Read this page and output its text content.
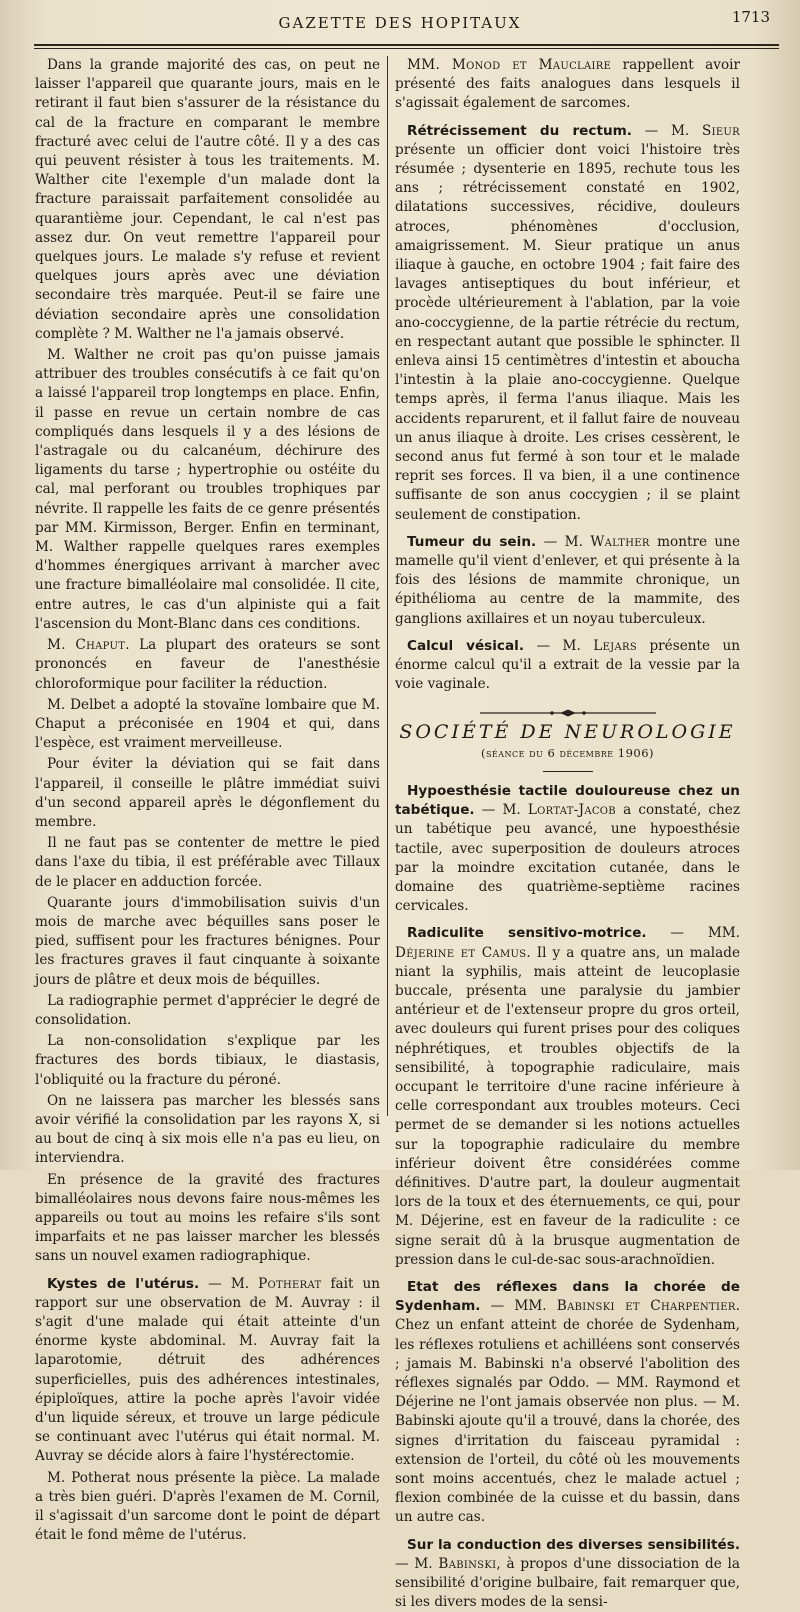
GAZETTE DES HOPITAUX	1713

Dans la grande majorité des cas, on peut ne laisser l'appareil que quarante jours, mais en le retirant il faut bien s'assurer de la résistance du cal de la fracture en comparant le membre fracturé avec celui de l'autre côté. Il y a des cas qui peuvent résister à tous les traitements. M. Walther cite l'exemple d'un malade dont la fracture paraissait parfaitement consolidée au quarantième jour. Cependant, le cal n'est pas assez dur. On veut remettre l'appareil pour quelques jours. Le malade s'y refuse et revient quelques jours après avec une déviation secondaire très marquée. Peut-il se faire une déviation secondaire après une consolidation complète ? M. Walther ne l'a jamais observé.

M. Walther ne croit pas qu'on puisse jamais attribuer des troubles consécutifs à ce fait qu'on a laissé l'appareil trop longtemps en place. Enfin, il passe en revue un certain nombre de cas compliqués dans lesquels il y a des lésions de l'astragale ou du calcanéum, déchirure des ligaments du tarse ; hypertrophie ou ostéite du cal, mal perforant ou troubles trophiques par névrite. Il rappelle les faits de ce genre présentés par MM. Kirmisson, Berger. Enfin en terminant, M. Walther rappelle quelques rares exemples d'hommes énergiques arrivant à marcher avec une fracture bimalléolaire mal consolidée. Il cite, entre autres, le cas d'un alpiniste qui a fait l'ascension du Mont-Blanc dans ces conditions.

M. Chaput. La plupart des orateurs se sont prononcés en faveur de l'anesthésie chloroformique pour faciliter la réduction.

M. Delbet a adopté la stovaïne lombaire que M. Chaput a préconisée en 1904 et qui, dans l'espèce, est vraiment merveilleuse.

Pour éviter la déviation qui se fait dans l'appareil, il conseille le plâtre immédiat suivi d'un second appareil après le dégonflement du membre.

Il ne faut pas se contenter de mettre le pied dans l'axe du tibia, il est préférable avec Tillaux de le placer en adduction forcée.

Quarante jours d'immobilisation suivis d'un mois de marche avec béquilles sans poser le pied, suffisent pour les fractures bénignes. Pour les fractures graves il faut cinquante à soixante jours de plâtre et deux mois de béquilles.

La radiographie permet d'apprécier le degré de consolidation.

La non-consolidation s'explique par les fractures des bords tibiaux, le diastasis, l'obliquité ou la fracture du péroné.

On ne laissera pas marcher les blessés sans avoir vérifié la consolidation par les rayons X, si au bout de cinq à six mois elle n'a pas eu lieu, on interviendra.

En présence de la gravité des fractures bimalléolaires nous devons faire nous-mêmes les appareils ou tout au moins les refaire s'ils sont imparfaits et ne pas laisser marcher les blessés sans un nouvel examen radiographique.

Kystes de l'utérus. — M. Potherat fait un rapport sur une observation de M. Auvray : il s'agit d'une malade qui était atteinte d'un énorme kyste abdominal. M. Auvray fait la laparotomie, détruit des adhérences superficielles, puis des adhérences intestinales, épiploïques, attire la poche après l'avoir vidée d'un liquide séreux, et trouve un large pédicule se continuant avec l'utérus qui était normal. M. Auvray se décide alors à faire l'hystérectomie.

M. Potherat nous présente la pièce. La malade a très bien guéri. D'après l'examen de M. Cornil, il s'agissait d'un sarcome dont le point de départ était le fond même de l'utérus.

MM. Monod et Mauclaire rappellent avoir présenté des faits analogues dans lesquels il s'agissait également de sarcomes.

Rétrécissement du rectum. — M. Sieur présente un officier dont voici l'histoire très résumée ; dysenterie en 1895, rechute tous les ans ; rétrécissement constaté en 1902, dilatations successives, récidive, douleurs atroces, phénomènes d'occlusion, amaigrissement. M. Sieur pratique un anus iliaque à gauche, en octobre 1904 ; fait faire des lavages antiseptiques du bout inférieur, et procède ultérieurement à l'ablation, par la voie ano-coccygienne, de la partie rétrécie du rectum, en respectant autant que possible le sphincter. Il enleva ainsi 15 centimètres d'intestin et aboucha l'intestin à la plaie ano-coccygienne. Quelque temps après, il ferma l'anus iliaque. Mais les accidents reparurent, et il fallut faire de nouveau un anus iliaque à droite. Les crises cessèrent, le second anus fut fermé à son tour et le malade reprit ses forces. Il va bien, il a une continence suffisante de son anus coccygien ; il se plaint seulement de constipation.

Tumeur du sein. — M. Walther montre une mamelle qu'il vient d'enlever, et qui présente à la fois des lésions de mammite chronique, un épithélioma au centre de la mammite, des ganglions axillaires et un noyau tuberculeux.

Calcul vésical. — M. Lejars présente un énorme calcul qu'il a extrait de la vessie par la voie vaginale.

SOCIÉTÉ DE NEUROLOGIE
(séance du 6 décembre 1906)

Hypoesthésie tactile douloureuse chez un tabétique. — M. Lortat-Jacob a constaté, chez un tabétique peu avancé, une hypoesthésie tactile, avec superposition de douleurs atroces par la moindre excitation cutanée, dans le domaine des quatrième-septième racines cervicales.

Radiculite sensitivo-motrice. — MM. Déjerine et Camus. Il y a quatre ans, un malade niant la syphilis, mais atteint de leucoplasie buccale, présenta une paralysie du jambier antérieur et de l'extenseur propre du gros orteil, avec douleurs qui furent prises pour des coliques néphrétiques, et troubles objectifs de la sensibilité, à topographie radiculaire, mais occupant le territoire d'une racine inférieure à celle correspondant aux troubles moteurs. Ceci permet de se demander si les notions actuelles sur la topographie radiculaire du membre inférieur doivent être considérées comme définitives. D'autre part, la douleur augmentait lors de la toux et des éternuements, ce qui, pour M. Déjerine, est en faveur de la radiculite : ce signe serait dû à la brusque augmentation de pression dans le cul-de-sac sous-arachnoïdien.

Etat des réflexes dans la chorée de Sydenham. — MM. Babinski et Charpentier. Chez un enfant atteint de chorée de Sydenham, les réflexes rotuliens et achilléens sont conservés ; jamais M. Babinski n'a observé l'abolition des réflexes signalés par Oddo. — MM. Raymond et Déjerine ne l'ont jamais observée non plus. — M. Babinski ajoute qu'il a trouvé, dans la chorée, des signes d'irritation du faisceau pyramidal : extension de l'orteil, du côté où les mouvements sont moins accentués, chez le malade actuel ; flexion combinée de la cuisse et du bassin, dans un autre cas.

Sur la conduction des diverses sensibilités. — M. Babinski, à propos d'une dissociation de la sensibilité d'origine bulbaire, fait remarquer que, si les divers modes de la sensi-
